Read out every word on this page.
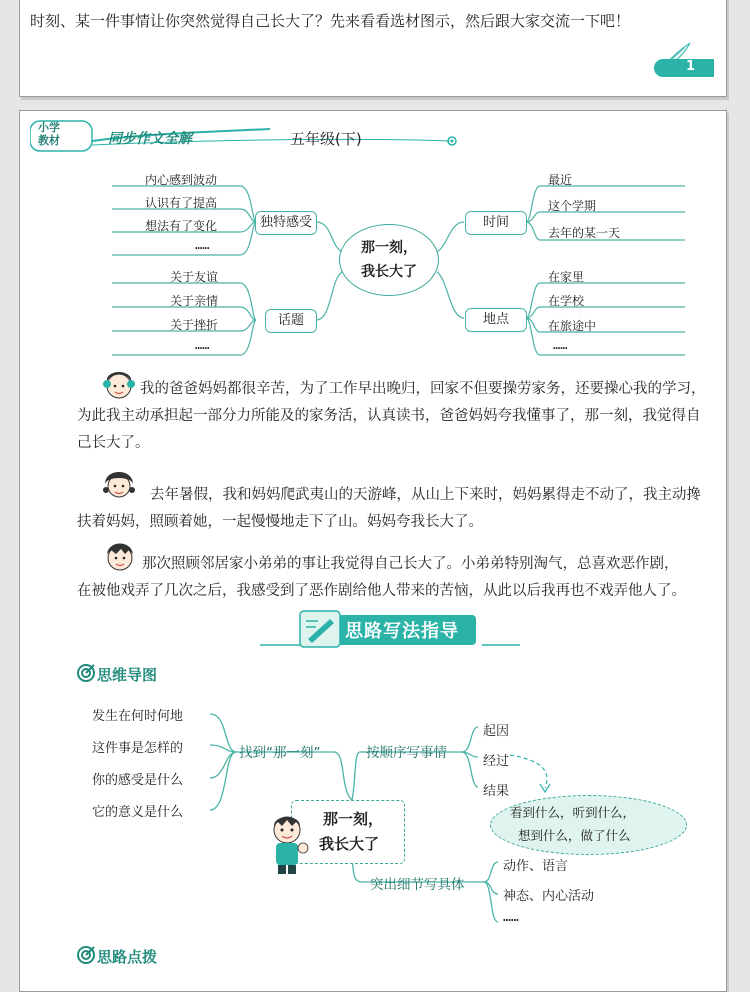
时刻、某一件事情让你突然觉得自己长大了？先来看看选材图示，然后跟大家交流一下吧！
1
小学
教材	同步作文全解	五年级(下)
内心感到波动
认识有了提高
想法有了变化
……
关于友谊
关于亲情
关于挫折
……
独特感受
话题
时间
地点
那一刻，
我长大了
最近
这个学期
去年的某一天
在家里
在学校
在旅途中
……
我的爸爸妈妈都很辛苦，为了工作早出晚归，回家不但要操劳家务，还要操心我的学习，
为此我主动承担起一部分力所能及的家务活，认真读书，爸爸妈妈夸我懂事了，那一刻，我觉得自
己长大了。
去年暑假，我和妈妈爬武夷山的天游峰，从山上下来时，妈妈累得走不动了，我主动搀
扶着妈妈，照顾着她，一起慢慢地走下了山。妈妈夸我长大了。
那次照顾邻居家小弟弟的事让我觉得自己长大了。小弟弟特别淘气，总喜欢恶作剧，
在被他戏弄了几次之后，我感受到了恶作剧给他人带来的苦恼，从此以后我再也不戏弄他人了。
思路写法指导
思维导图
发生在何时何地
这件事是怎样的
你的感受是什么
它的意义是什么
找到“那一刻”	按顺序写事情
起因
经过
结果
看到什么，听到什么，
想到什么，做了什么
那一刻，
我长大了
突出细节写具体
动作、语言
神态、内心活动
……
思路点拨
